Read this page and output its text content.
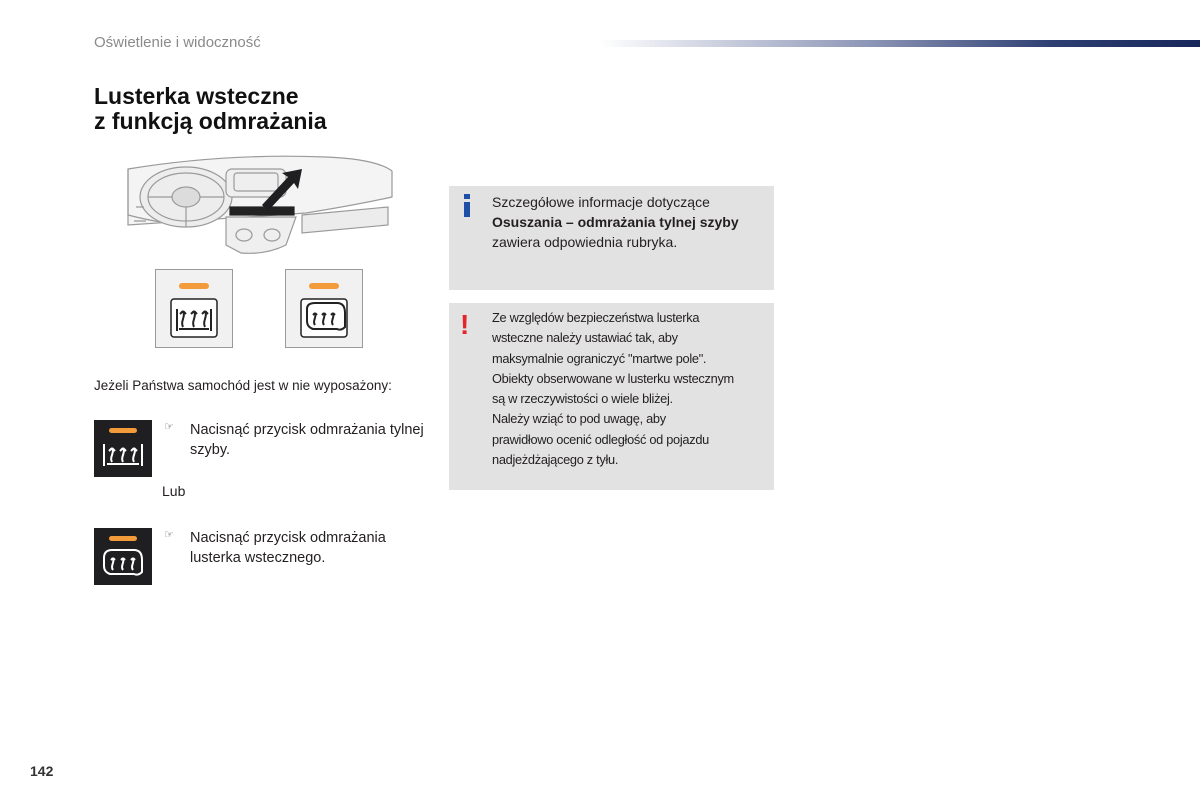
Oświetlenie i widoczność
Lusterka wsteczne
z funkcją odmrażania
Jeżeli Państwa samochód jest w nie wyposażony:
☞ Nacisnąć przycisk odmrażania tylnej szyby.
Lub
☞ Nacisnąć przycisk odmrażania lusterka wstecznego.
Szczegółowe informacje dotyczące
Osuszania – odmrażania tylnej szyby
zawiera odpowiednia rubryka.
! Ze względów bezpieczeństwa lusterka
wsteczne należy ustawiać tak, aby
maksymalnie ograniczyć "martwe pole".
Obiekty obserwowane w lusterku wstecznym
są w rzeczywistości o wiele bliżej.
Należy wziąć to pod uwagę, aby
prawidłowo ocenić odległość od pojazdu
nadjeżdżającego z tyłu.
142
